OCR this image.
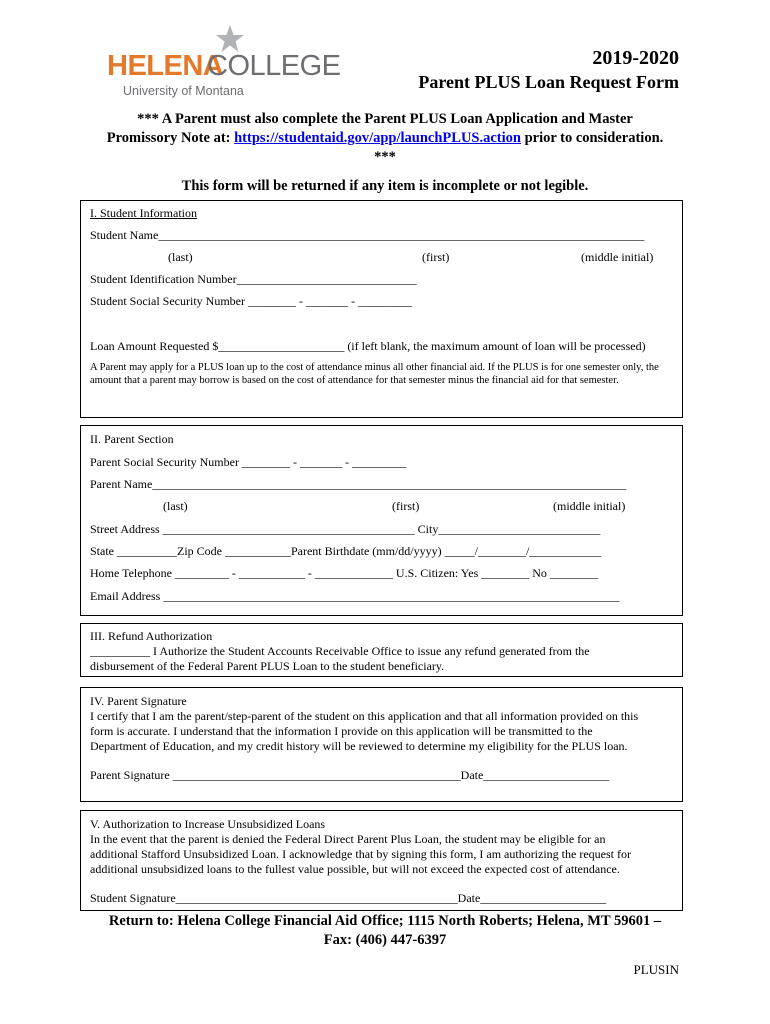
HELENA
COLLEGE
University of Montana
2019-2020
Parent PLUS Loan Request Form
*** A Parent must also complete the Parent PLUS Loan Application and Master
Promissory Note at: https://studentaid.gov/app/launchPLUS.action prior to consideration.
***
This form will be returned if any item is incomplete or not legible.
I. Student Information
Student Name_________________________________________________________________________________
(last)	(first)	(middle initial)
Student Identification Number______________________________
Student Social Security Number ________ - _______ - _________
Loan Amount Requested $_____________________ (if left blank, the maximum amount of loan will be processed)
A Parent may apply for a PLUS loan up to the cost of attendance minus all other financial aid. If the PLUS is for one semester only, the amount that a parent may borrow is based on the cost of attendance for that semester minus the financial aid for that semester.
II. Parent Section
Parent Social Security Number ________ - _______ - _________
Parent Name_______________________________________________________________________________
(last)	(first)	(middle initial)
Street Address __________________________________________ City___________________________
State __________Zip Code ___________Parent Birthdate (mm/dd/yyyy) _____/________/____________
Home Telephone _________ - ___________ - _____________ U.S. Citizen: Yes ________ No ________
Email Address ____________________________________________________________________________
III. Refund Authorization
__________ I Authorize the Student Accounts Receivable Office to issue any refund generated from the
disbursement of the Federal Parent PLUS Loan to the student beneficiary.
IV. Parent Signature
I certify that I am the parent/step-parent of the student on this application and that all information provided on this
form is accurate. I understand that the information I provide on this application will be transmitted to the
Department of Education, and my credit history will be reviewed to determine my eligibility for the PLUS loan.
Parent Signature ________________________________________________Date_____________________
V. Authorization to Increase Unsubsidized Loans
In the event that the parent is denied the Federal Direct Parent Plus Loan, the student may be eligible for an
additional Stafford Unsubsidized Loan. I acknowledge that by signing this form, I am authorizing the request for
additional unsubsidized loans to the fullest value possible, but will not exceed the expected cost of attendance.
Student Signature_______________________________________________Date_____________________
Return to: Helena College Financial Aid Office; 1115 North Roberts; Helena, MT 59601 –
Fax: (406) 447-6397
PLUSIN
